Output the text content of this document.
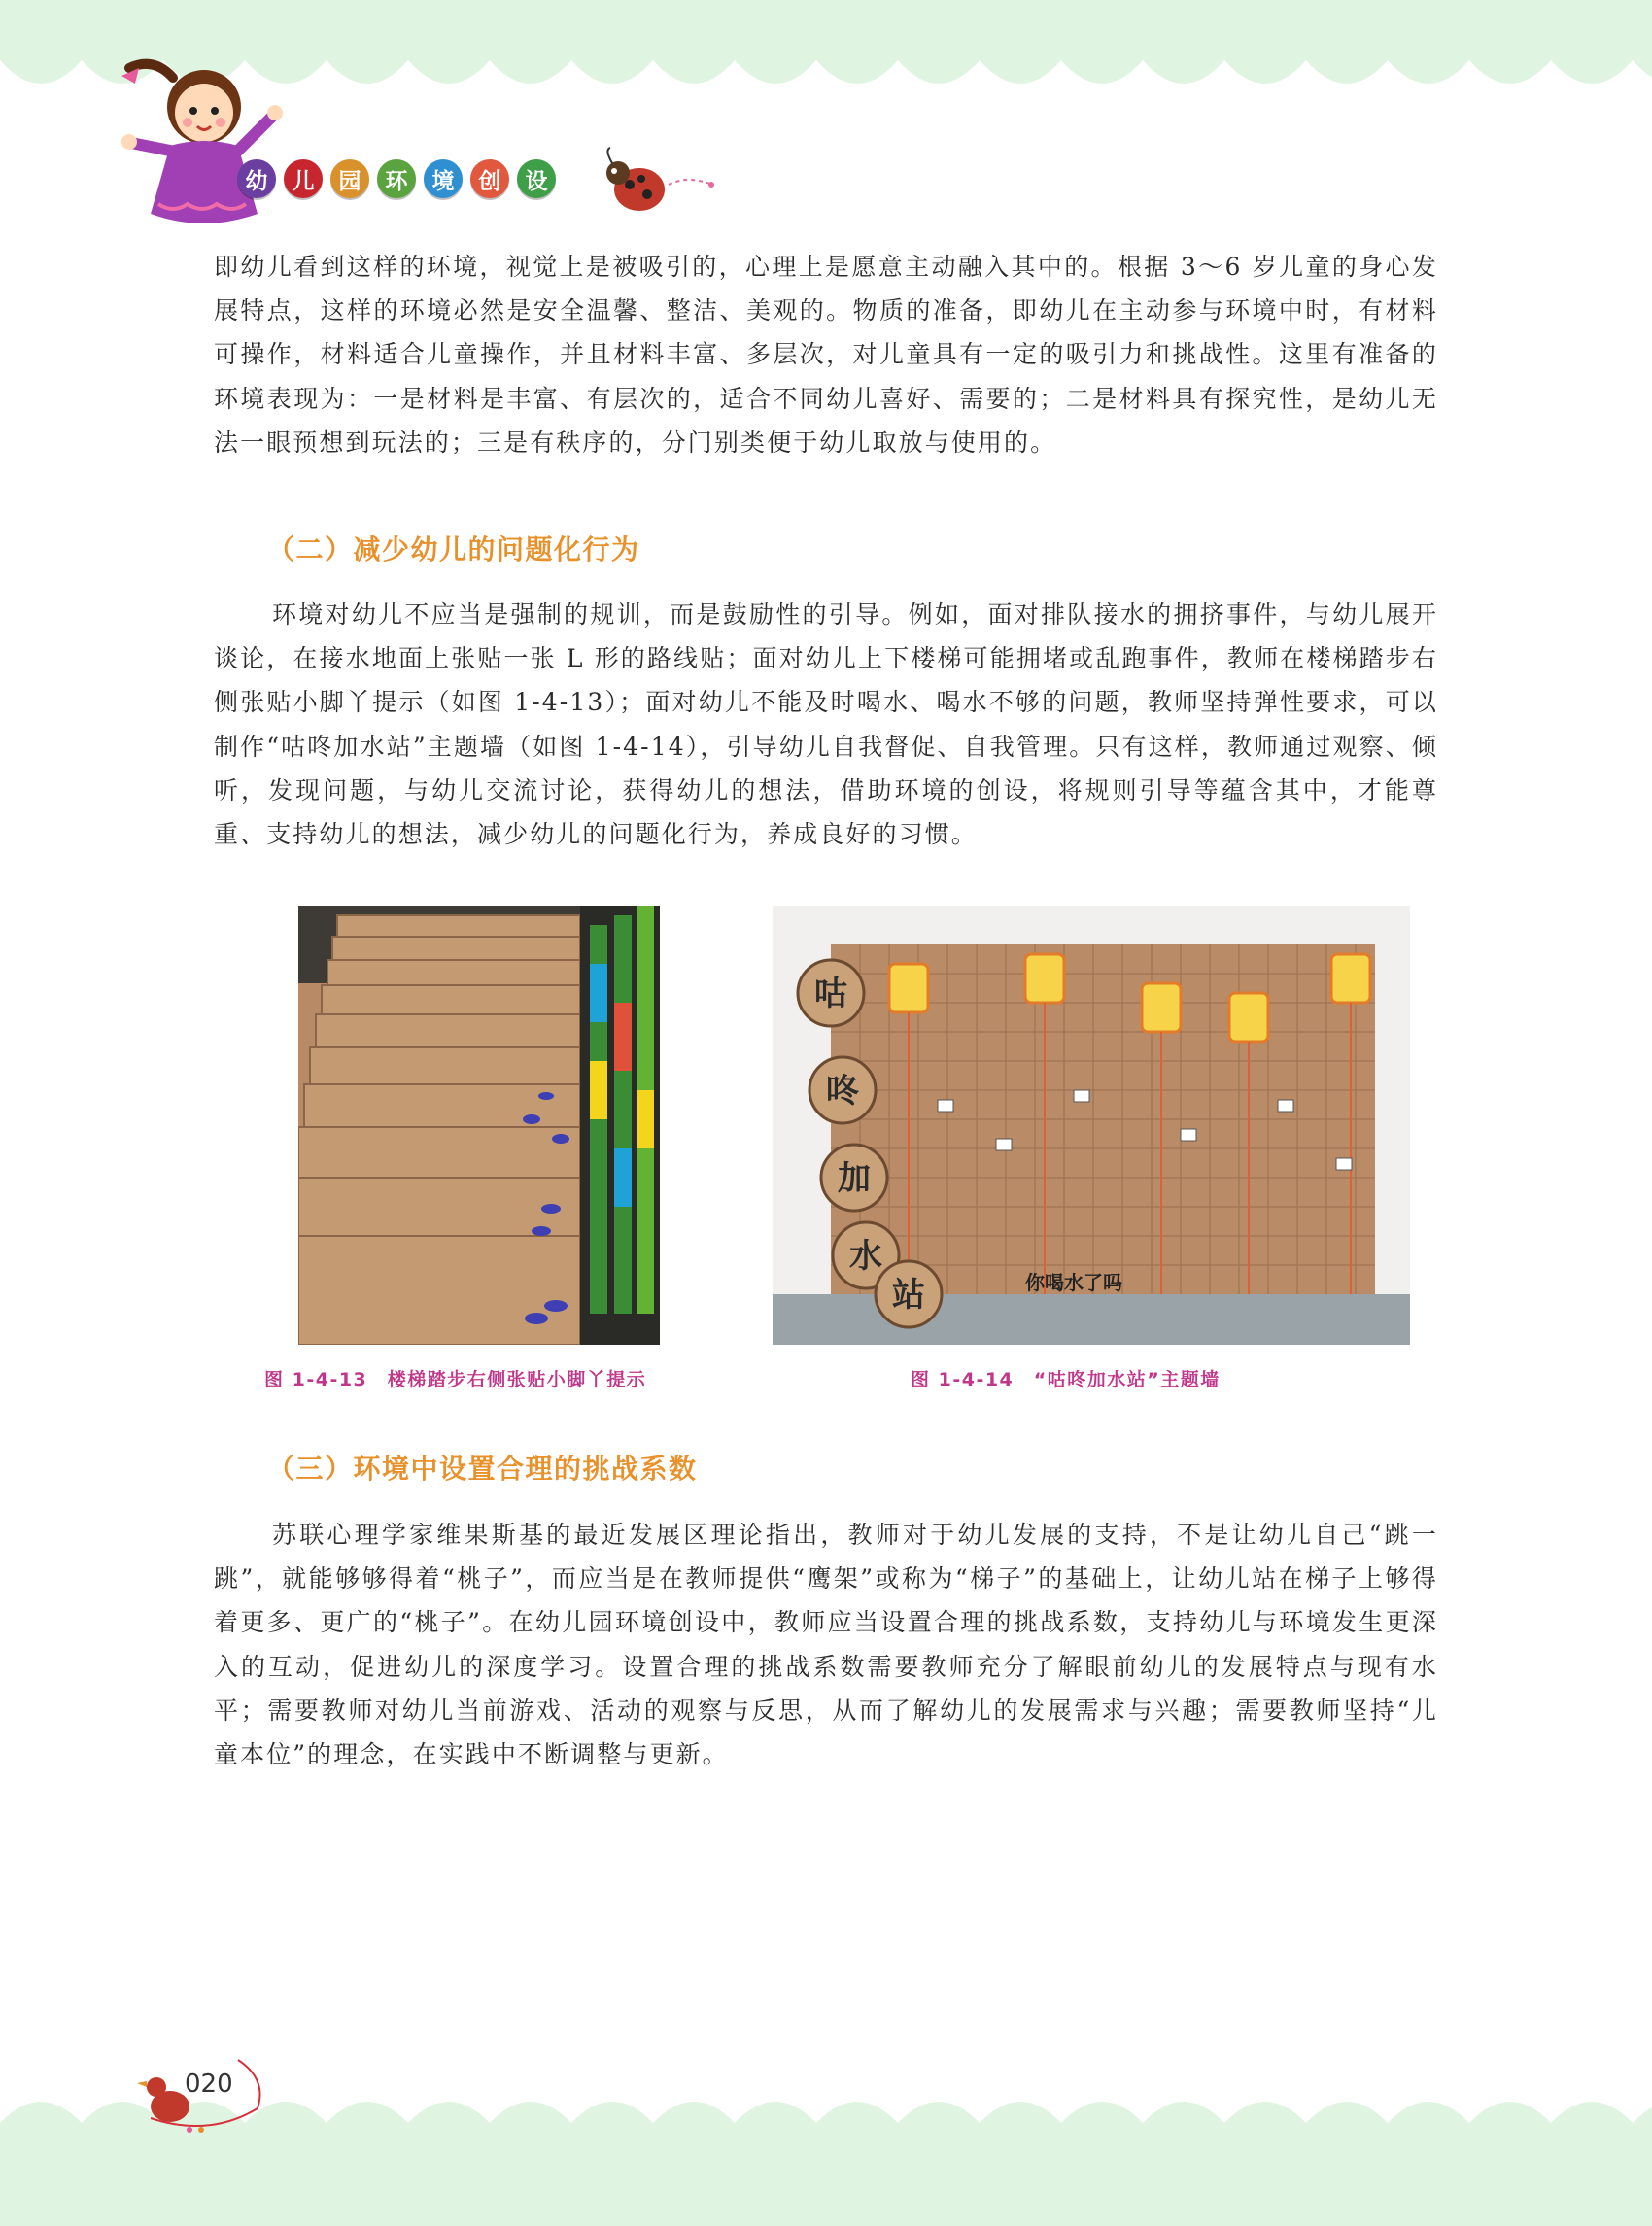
幼	儿	园	环	境	创	设

即幼儿看到这样的环境，视觉上是被吸引的，心理上是愿意主动融入其中的。根据 3～6 岁儿童的身心发展特点，这样的环境必然是安全温馨、整洁、美观的。物质的准备，即幼儿在主动参与环境中时，有材料可操作，材料适合儿童操作，并且材料丰富、多层次，对儿童具有一定的吸引力和挑战性。这里有准备的环境表现为：一是材料是丰富、有层次的，适合不同幼儿喜好、需要的；二是材料具有探究性，是幼儿无法一眼预想到玩法的；三是有秩序的，分门别类便于幼儿取放与使用的。

（二）减少幼儿的问题化行为

环境对幼儿不应当是强制的规训，而是鼓励性的引导。例如，面对排队接水的拥挤事件，与幼儿展开谈论，在接水地面上张贴一张 L 形的路线贴；面对幼儿上下楼梯可能拥堵或乱跑事件，教师在楼梯踏步右侧张贴小脚丫提示（如图 1-4-13）；面对幼儿不能及时喝水、喝水不够的问题，教师坚持弹性要求，可以制作“咕咚加水站”主题墙（如图 1-4-14），引导幼儿自我督促、自我管理。只有这样，教师通过观察、倾听，发现问题，与幼儿交流讨论，获得幼儿的想法，借助环境的创设，将规则引导等蕴含其中，才能尊重、支持幼儿的想法，减少幼儿的问题化行为，养成良好的习惯。

图 1-4-13　楼梯踏步右侧张贴小脚丫提示
咕
咚
加
水
站	你喝水了吗
图 1-4-14　“咕咚加水站”主题墙
（三）环境中设置合理的挑战系数

苏联心理学家维果斯基的最近发展区理论指出，教师对于幼儿发展的支持，不是让幼儿自己“跳一跳”，就能够够得着“桃子”，而应当是在教师提供“鹰架”或称为“梯子”的基础上，让幼儿站在梯子上够得着更多、更广的“桃子”。在幼儿园环境创设中，教师应当设置合理的挑战系数，支持幼儿与环境发生更深入的互动，促进幼儿的深度学习。设置合理的挑战系数需要教师充分了解眼前幼儿的发展特点与现有水平；需要教师对幼儿当前游戏、活动的观察与反思，从而了解幼儿的发展需求与兴趣；需要教师坚持“儿童本位”的理念，在实践中不断调整与更新。

020
